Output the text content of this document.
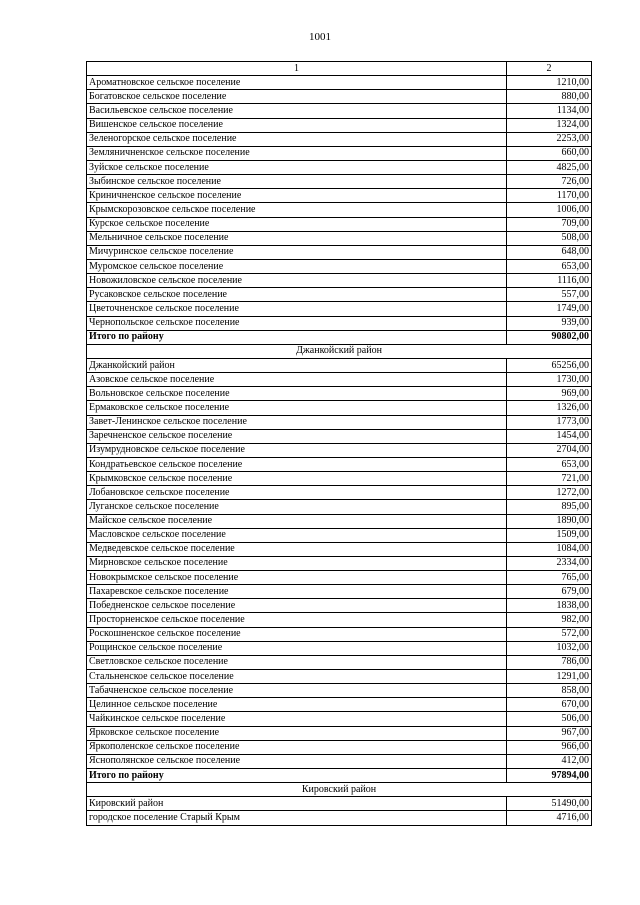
1001
1	2
Ароматновское сельское поселение	1210,00
Богатовское сельское поселение	880,00
Васильевское сельское поселение	1134,00
Вишенское сельское поселение	1324,00
Зеленогорское сельское поселение	2253,00
Земляничненское сельское поселение	660,00
Зуйское сельское поселение	4825,00
Зыбинское сельское поселение	726,00
Криничненское сельское поселение	1170,00
Крымскорозовское сельское поселение	1006,00
Курское сельское поселение	709,00
Мельничное сельское поселение	508,00
Мичуринское сельское поселение	648,00
Муромское сельское поселение	653,00
Новожиловское сельское поселение	1116,00
Русаковское сельское поселение	557,00
Цветочненское сельское поселение	1749,00
Чернопольское сельское поселение	939,00
Итого по району	90802,00
Джанкойский район	
Джанкойский район	65256,00
Азовское сельское поселение	1730,00
Вольновское сельское поселение	969,00
Ермаковское сельское поселение	1326,00
Завет-Ленинское сельское поселение	1773,00
Заречненское сельское поселение	1454,00
Изумрудновское сельское поселение	2704,00
Кондратьевское сельское поселение	653,00
Крымковское сельское поселение	721,00
Лобановское сельское поселение	1272,00
Луганское сельское поселение	895,00
Майское сельское поселение	1890,00
Масловское сельское поселение	1509,00
Медведевское сельское поселение	1084,00
Мирновское сельское поселение	2334,00
Новокрымское сельское поселение	765,00
Пахаревское сельское поселение	679,00
Победненское сельское поселение	1838,00
Просторненское сельское поселение	982,00
Роскошненское сельское поселение	572,00
Рощинское сельское поселение	1032,00
Светловское сельское поселение	786,00
Стальненское сельское поселение	1291,00
Табачненское сельское поселение	858,00
Целинное сельское поселение	670,00
Чайкинское сельское поселение	506,00
Ярковское сельское поселение	967,00
Яркополенское сельское поселение	966,00
Яснополянское сельское поселение	412,00
Итого по району	97894,00
Кировский район	
Кировский район	51490,00
городское поселение Старый Крым	4716,00
